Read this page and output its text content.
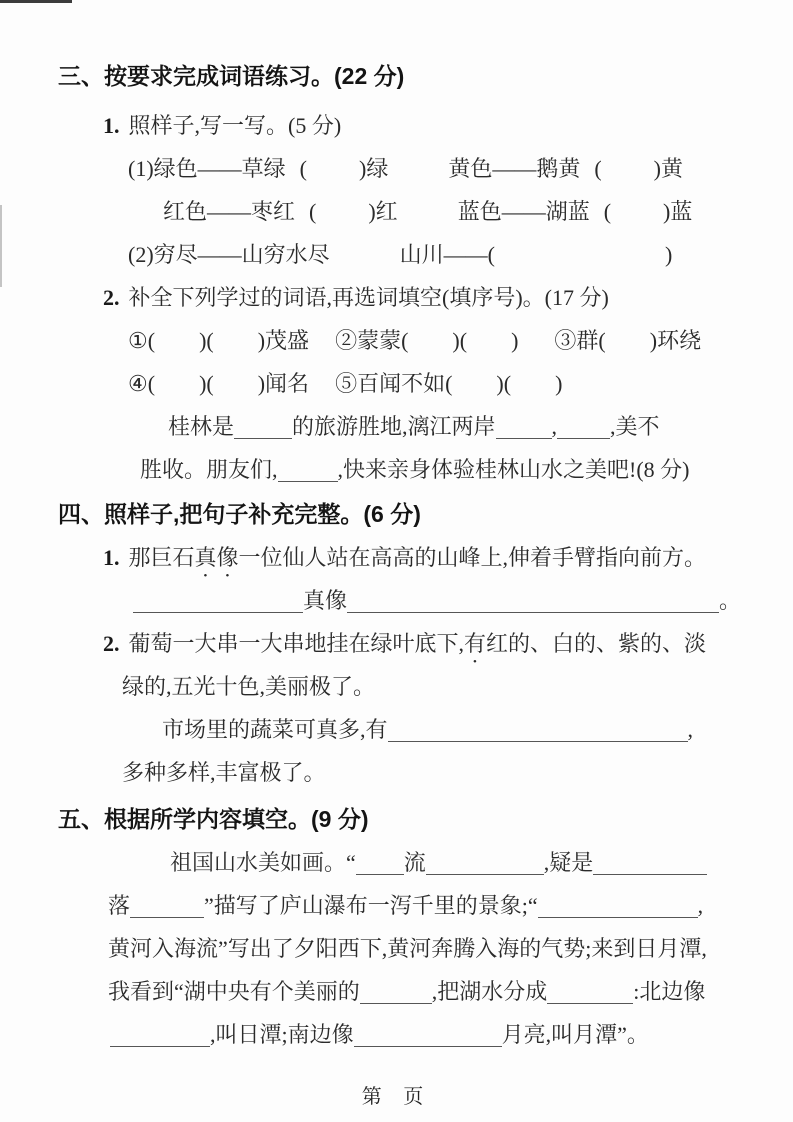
三、按要求完成词语练习。(22 分)
1. 照样子,写一写。(5 分)
(1)绿色——草绿 ( )绿	黄色——鹅黄 ( )黄
红色——枣红 ( )红	蓝色——湖蓝 ( )蓝
(2)穷尽——山穷水尽	山川——(	)
2. 补全下列学过的词语,再选词填空(填序号)。(17 分)
①( )( )茂盛 ②蒙蒙( )( ) ③群( )环绕
④( )( )闻名 ⑤百闻不如( )( )
桂林是	的旅游胜地,漓江两岸	, ,美不
胜收。朋友们,	,快来亲身体验桂林山水之美吧!(8 分)
四、照样子,把句子补充完整。(6 分)
1. 那巨石真像一位仙人站在高高的山峰上,伸着手臂指向前方。
真像	。
2. 葡萄一大串一大串地挂在绿叶底下,有红的、白的、紫的、淡
绿的,五光十色,美丽极了。
市场里的蔬菜可真多,有	,
多种多样,丰富极了。
五、根据所学内容填空。(9 分)
祖国山水美如画。“ 流	,疑是
落	”描写了庐山瀑布一泻千里的景象;“	,
黄河入海流”写出了夕阳西下,黄河奔腾入海的气势;来到日月潭,
我看到“湖中央有个美丽的	,把湖水分成	:北边像
,叫日潭;南边像	月亮,叫月潭”。
第 页
